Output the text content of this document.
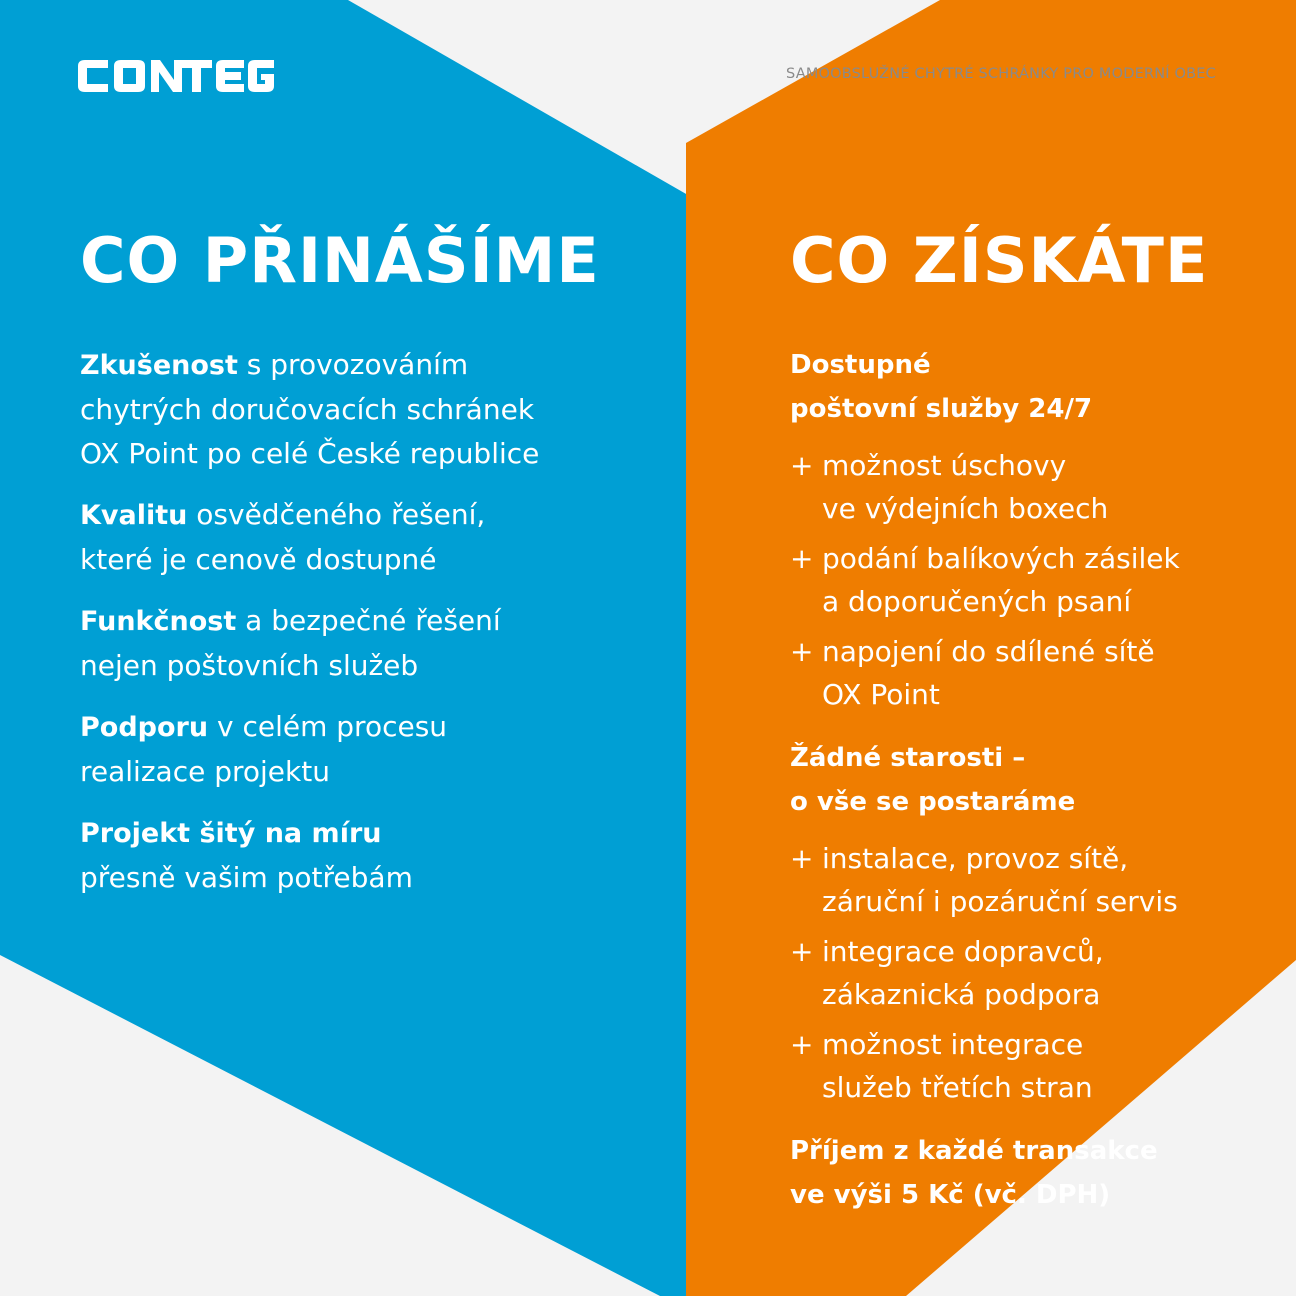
SAMOOBSLUŽNÉ CHYTRÉ SCHRÁNKY PRO MODERNÍ OBEC
CO PŘINÁŠÍME	CO ZÍSKÁTE
Zkušenost s provozováním
chytrých doručovacích schránek
OX Point po celé České republice
Kvalitu osvědčeného řešení,
které je cenově dostupné
Funkčnost a bezpečné řešení
nejen poštovních služeb
Podporu v celém procesu
realizace projektu
Projekt šitý na míru
přesně vašim potřebám
Dostupné
poštovní služby 24/7
+ možnost úschovy
ve výdejních boxech
+ podání balíkových zásilek
a doporučených psaní
+ napojení do sdílené sítě
OX Point
Žádné starosti –
o vše se postaráme
+ instalace, provoz sítě,
záruční i pozáruční servis
+ integrace dopravců,
zákaznická podpora
+ možnost integrace
služeb třetích stran
Příjem z každé transakce
ve výši 5 Kč (vč. DPH)
